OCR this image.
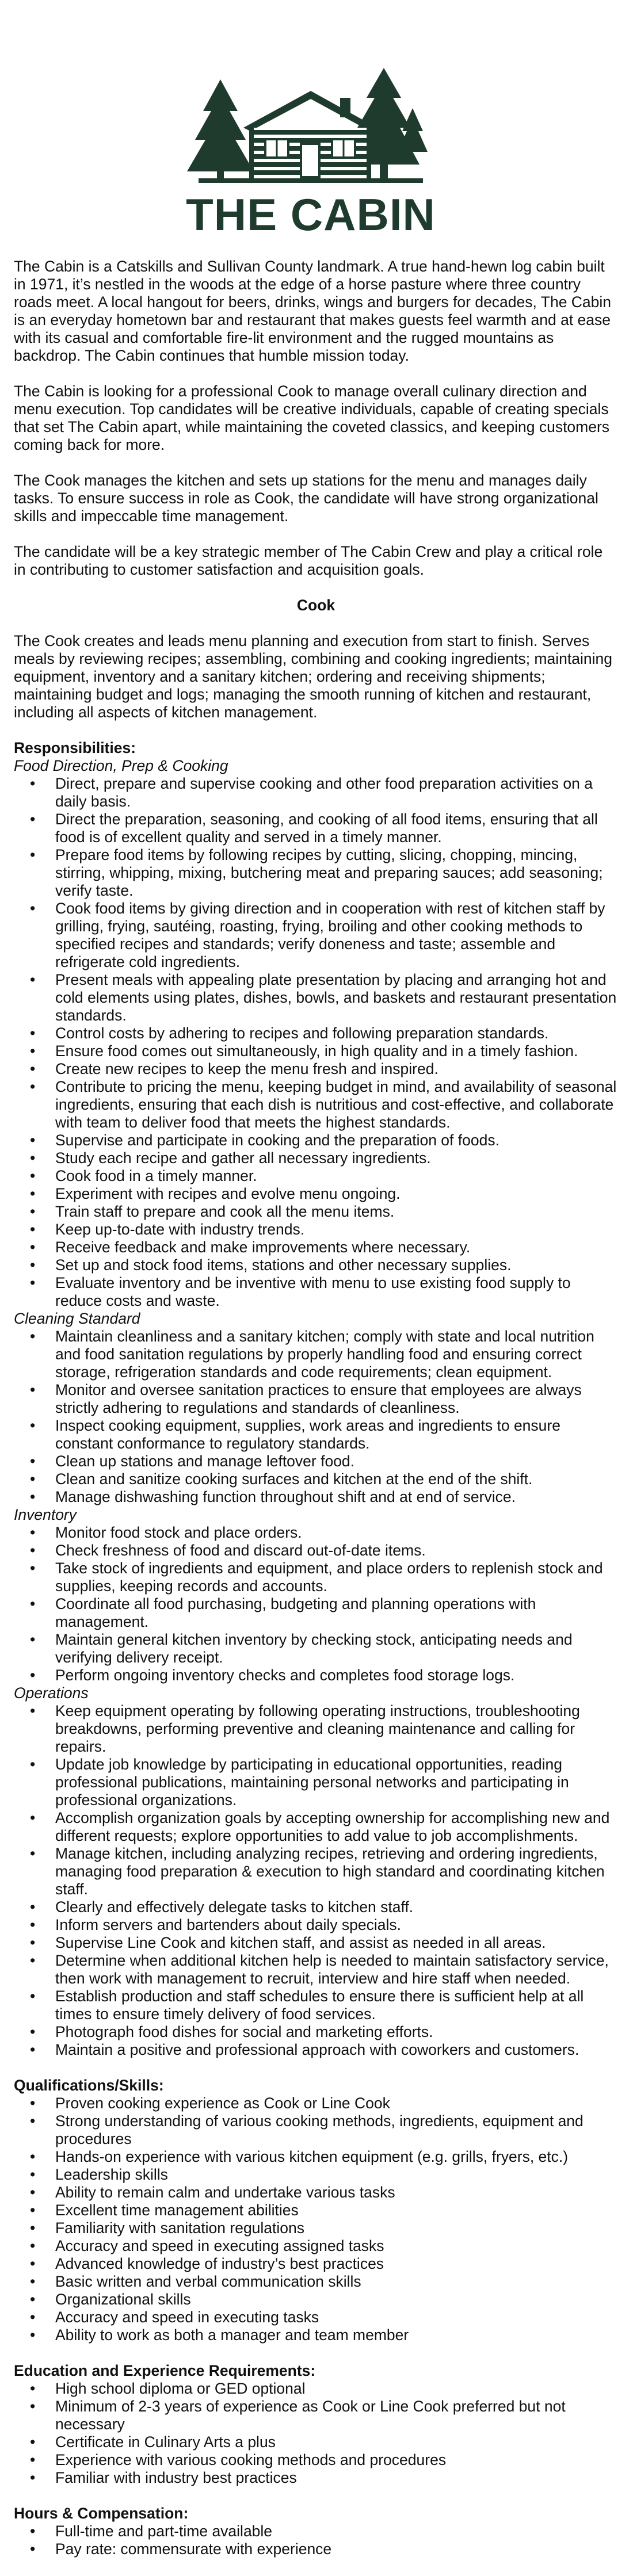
THE CABIN

The Cabin is a Catskills and Sullivan County landmark. A true hand-hewn log cabin built in 1971, it’s nestled in the woods at the edge of a horse pasture where three country roads meet. A local hangout for beers, drinks, wings and burgers for decades, The Cabin is an everyday hometown bar and restaurant that makes guests feel warmth and at ease with its casual and comfortable fire-lit environment and the rugged mountains as backdrop. The Cabin continues that humble mission today.

The Cabin is looking for a professional Cook to manage overall culinary direction and menu execution. Top candidates will be creative individuals, capable of creating specials that set The Cabin apart, while maintaining the coveted classics, and keeping customers coming back for more.

The Cook manages the kitchen and sets up stations for the menu and manages daily tasks. To ensure success in role as Cook, the candidate will have strong organizational skills and impeccable time management.

The candidate will be a key strategic member of The Cabin Crew and play a critical role in contributing to customer satisfaction and acquisition goals.

Cook

The Cook creates and leads menu planning and execution from start to finish. Serves meals by reviewing recipes; assembling, combining and cooking ingredients; maintaining equipment, inventory and a sanitary kitchen; ordering and receiving shipments; maintaining budget and logs; managing the smooth running of kitchen and restaurant, including all aspects of kitchen management.

Responsibilities:
Food Direction, Prep & Cooking
• Direct, prepare and supervise cooking and other food preparation activities on a daily basis.
• Direct the preparation, seasoning, and cooking of all food items, ensuring that all food is of excellent quality and served in a timely manner.
• Prepare food items by following recipes by cutting, slicing, chopping, mincing, stirring, whipping, mixing, butchering meat and preparing sauces; add seasoning; verify taste.
• Cook food items by giving direction and in cooperation with rest of kitchen staff by grilling, frying, sautéing, roasting, frying, broiling and other cooking methods to specified recipes and standards; verify doneness and taste; assemble and refrigerate cold ingredients.
• Present meals with appealing plate presentation by placing and arranging hot and cold elements using plates, dishes, bowls, and baskets and restaurant presentation standards.
• Control costs by adhering to recipes and following preparation standards.
• Ensure food comes out simultaneously, in high quality and in a timely fashion.
• Create new recipes to keep the menu fresh and inspired.
• Contribute to pricing the menu, keeping budget in mind, and availability of seasonal ingredients, ensuring that each dish is nutritious and cost-effective, and collaborate with team to deliver food that meets the highest standards.
• Supervise and participate in cooking and the preparation of foods.
• Study each recipe and gather all necessary ingredients.
• Cook food in a timely manner.
• Experiment with recipes and evolve menu ongoing.
• Train staff to prepare and cook all the menu items.
• Keep up-to-date with industry trends.
• Receive feedback and make improvements where necessary.
• Set up and stock food items, stations and other necessary supplies.
• Evaluate inventory and be inventive with menu to use existing food supply to reduce costs and waste.
Cleaning Standard
• Maintain cleanliness and a sanitary kitchen; comply with state and local nutrition and food sanitation regulations by properly handling food and ensuring correct storage, refrigeration standards and code requirements; clean equipment.
• Monitor and oversee sanitation practices to ensure that employees are always strictly adhering to regulations and standards of cleanliness.
• Inspect cooking equipment, supplies, work areas and ingredients to ensure constant conformance to regulatory standards.
• Clean up stations and manage leftover food.
• Clean and sanitize cooking surfaces and kitchen at the end of the shift.
• Manage dishwashing function throughout shift and at end of service.
Inventory
• Monitor food stock and place orders.
• Check freshness of food and discard out-of-date items.
• Take stock of ingredients and equipment, and place orders to replenish stock and supplies, keeping records and accounts.
• Coordinate all food purchasing, budgeting and planning operations with management.
• Maintain general kitchen inventory by checking stock, anticipating needs and verifying delivery receipt.
• Perform ongoing inventory checks and completes food storage logs.
Operations
• Keep equipment operating by following operating instructions, troubleshooting breakdowns, performing preventive and cleaning maintenance and calling for repairs.
• Update job knowledge by participating in educational opportunities, reading professional publications, maintaining personal networks and participating in professional organizations.
• Accomplish organization goals by accepting ownership for accomplishing new and different requests; explore opportunities to add value to job accomplishments.
• Manage kitchen, including analyzing recipes, retrieving and ordering ingredients, managing food preparation & execution to high standard and coordinating kitchen staff.
• Clearly and effectively delegate tasks to kitchen staff.
• Inform servers and bartenders about daily specials.
• Supervise Line Cook and kitchen staff, and assist as needed in all areas.
• Determine when additional kitchen help is needed to maintain satisfactory service, then work with management to recruit, interview and hire staff when needed.
• Establish production and staff schedules to ensure there is sufficient help at all times to ensure timely delivery of food services.
• Photograph food dishes for social and marketing efforts.
• Maintain a positive and professional approach with coworkers and customers.
Qualifications/Skills:
• Proven cooking experience as Cook or Line Cook
• Strong understanding of various cooking methods, ingredients, equipment and procedures
• Hands-on experience with various kitchen equipment (e.g. grills, fryers, etc.)
• Leadership skills
• Ability to remain calm and undertake various tasks
• Excellent time management abilities
• Familiarity with sanitation regulations
• Accuracy and speed in executing assigned tasks
• Advanced knowledge of industry’s best practices
• Basic written and verbal communication skills
• Organizational skills
• Accuracy and speed in executing tasks
• Ability to work as both a manager and team member
Education and Experience Requirements:
• High school diploma or GED optional
• Minimum of 2-3 years of experience as Cook or Line Cook preferred but not necessary
• Certificate in Culinary Arts a plus
• Experience with various cooking methods and procedures
• Familiar with industry best practices
Hours & Compensation:
• Full-time and part-time available
• Pay rate: commensurate with experience
